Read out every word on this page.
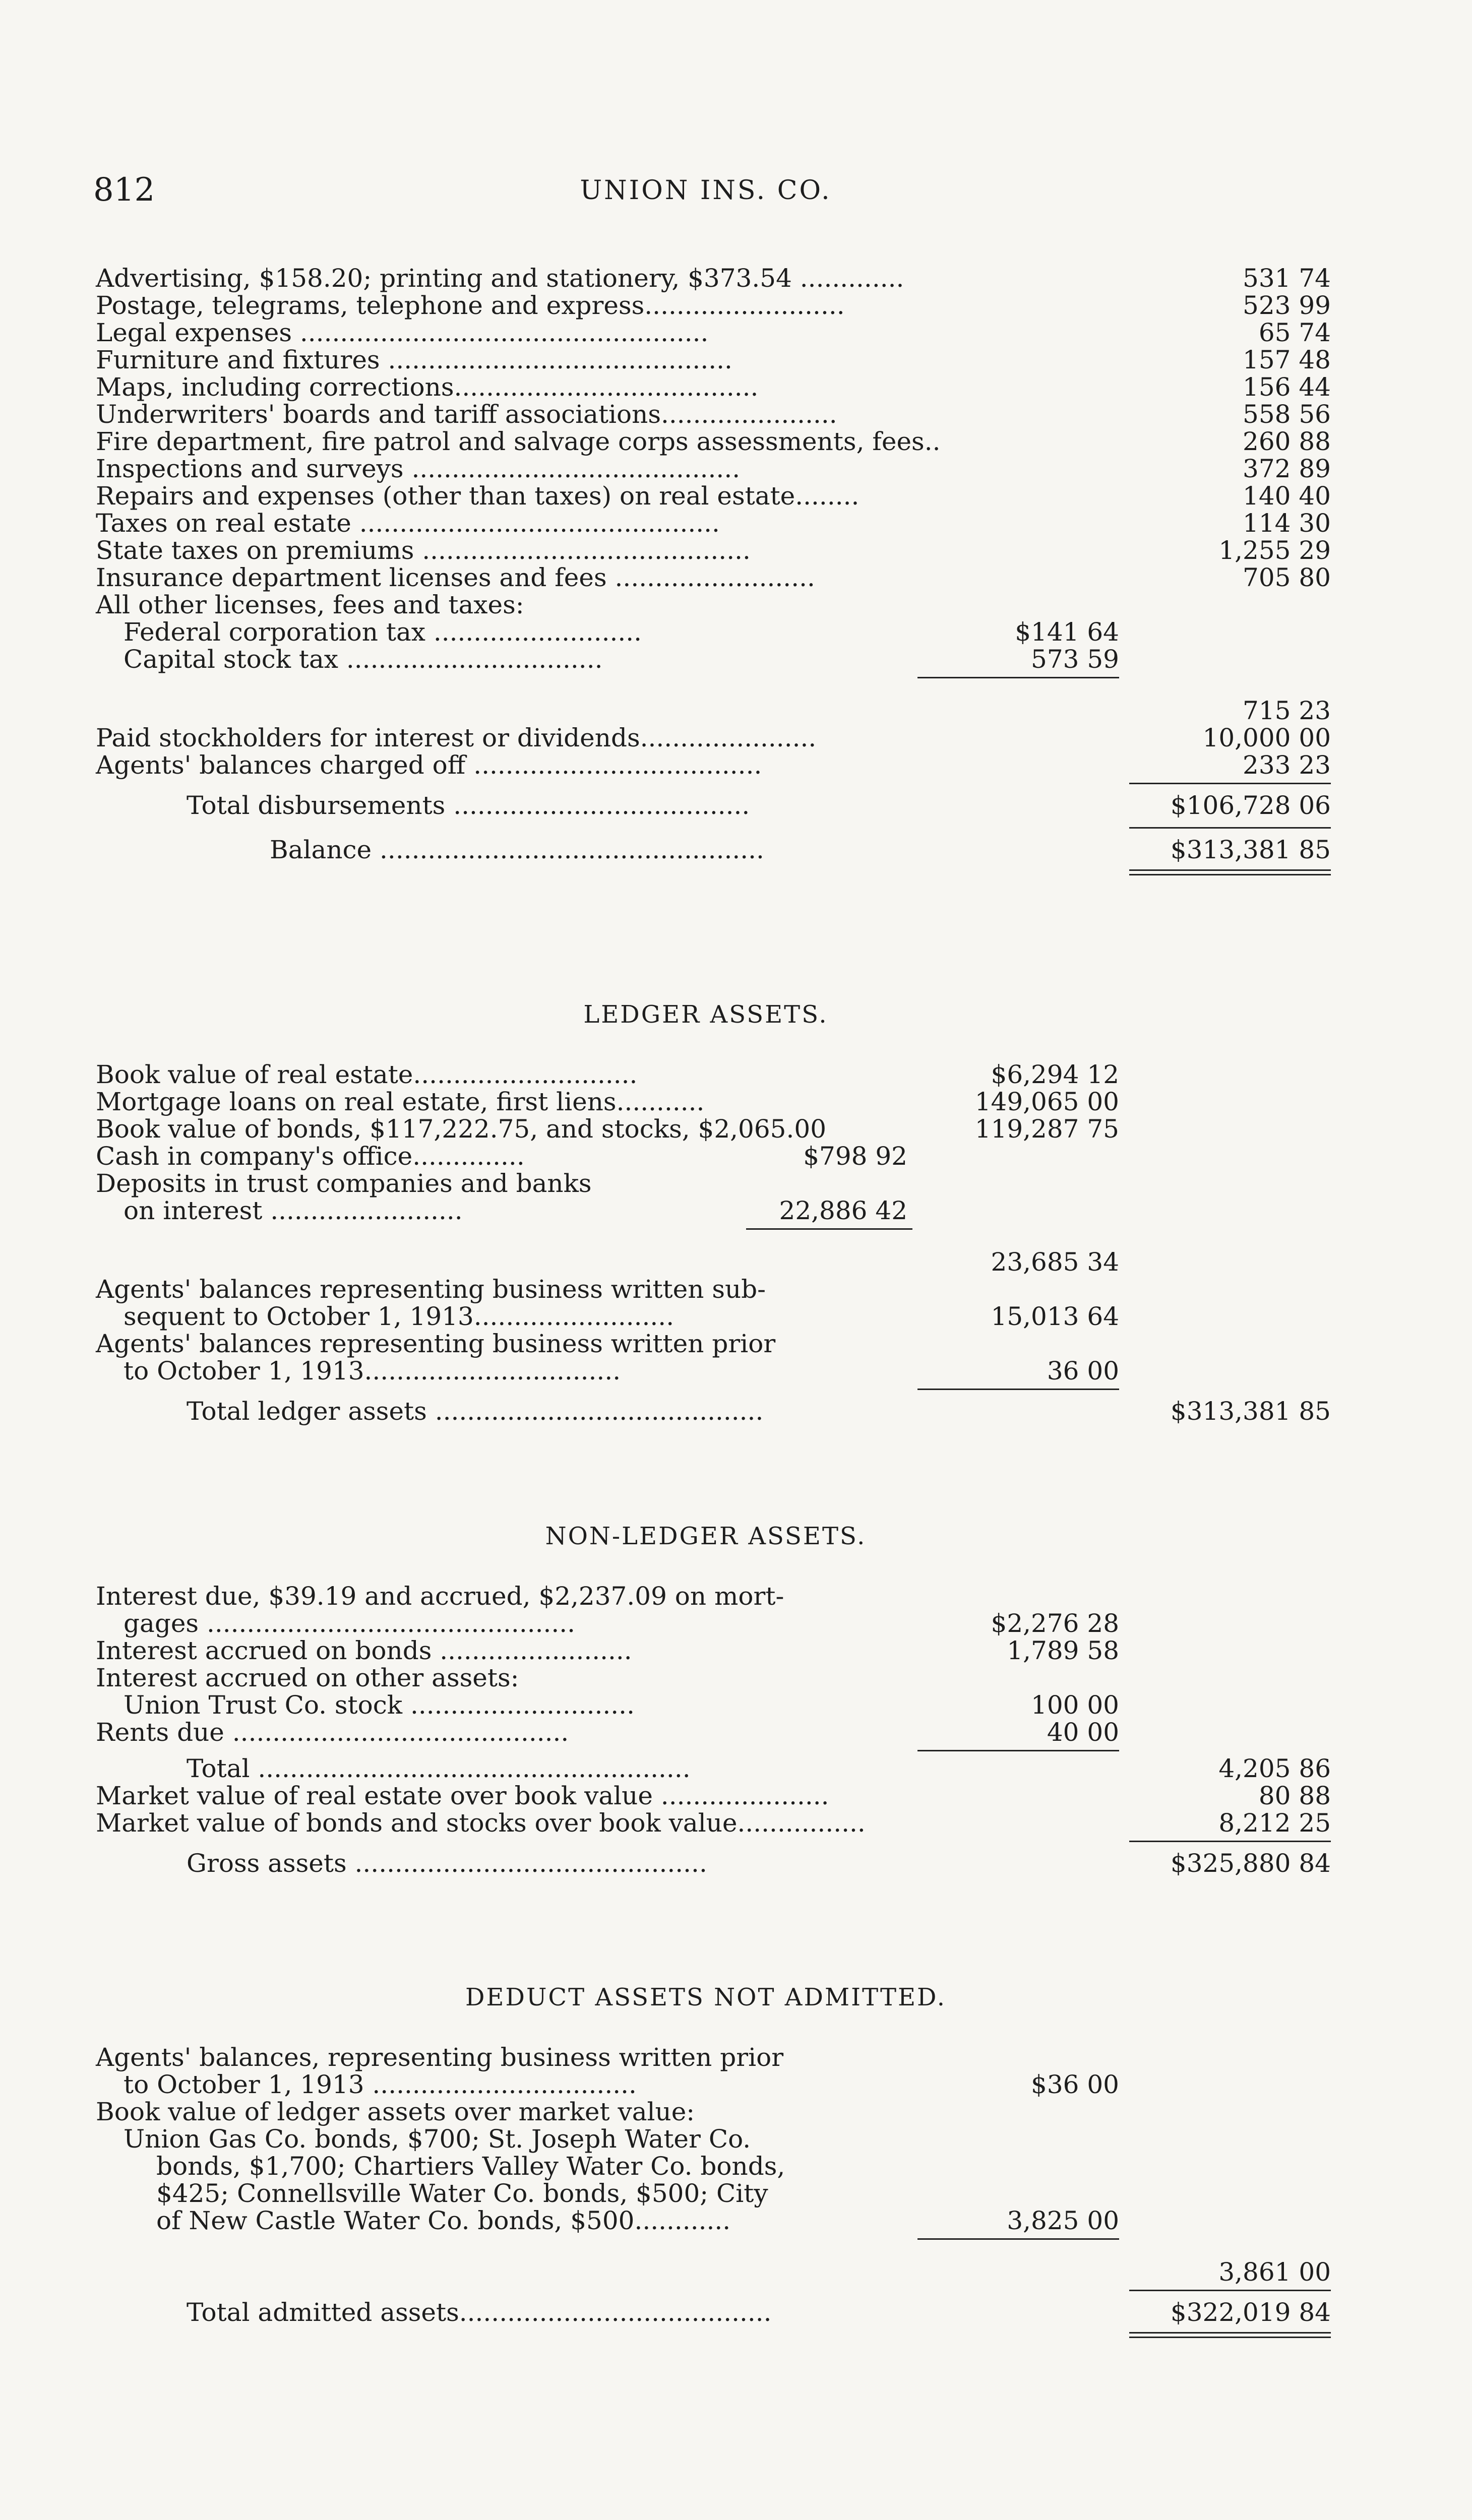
812	UNION INS. CO.
Advertising, $158.20; printing and stationery, $373.54 .............	531 74
Postage, telegrams, telephone and express.........................	523 99
Legal expenses ...................................................	65 74
Furniture and fixtures ...........................................	157 48
Maps, including corrections......................................	156 44
Underwriters' boards and tariff associations......................	558 56
Fire department, fire patrol and salvage corps assessments, fees..	260 88
Inspections and surveys .........................................	372 89
Repairs and expenses (other than taxes) on real estate........	140 40
Taxes on real estate .............................................	114 30
State taxes on premiums .........................................	1,255 29
Insurance department licenses and fees .........................	705 80
All other licenses, fees and taxes:
Federal corporation tax ..........................	$141 64
Capital stock tax ................................	573 59
715 23
Paid stockholders for interest or dividends......................	10,000 00
Agents' balances charged off ....................................	233 23
Total disbursements .....................................	$106,728 06
Balance ................................................	$313,381 85
LEDGER ASSETS.
Book value of real estate............................	$6,294 12
Mortgage loans on real estate, first liens...........	149,065 00
Book value of bonds, $117,222.75, and stocks, $2,065.00	119,287 75
Cash in company's office..............	$798 92
Deposits in trust companies and banks
on interest ........................	22,886 42
23,685 34
Agents' balances representing business written sub-
sequent to October 1, 1913.........................	15,013 64
Agents' balances representing business written prior
to October 1, 1913................................	36 00
Total ledger assets .........................................	$313,381 85
NON-LEDGER ASSETS.
Interest due, $39.19 and accrued, $2,237.09 on mort-
gages ..............................................	$2,276 28
Interest accrued on bonds ........................	1,789 58
Interest accrued on other assets:
Union Trust Co. stock ............................	100 00
Rents due ..........................................	40 00
Total ......................................................	4,205 86
Market value of real estate over book value .....................	80 88
Market value of bonds and stocks over book value................	8,212 25
Gross assets ............................................	$325,880 84
DEDUCT ASSETS NOT ADMITTED.
Agents' balances, representing business written prior
to October 1, 1913 .................................	$36 00
Book value of ledger assets over market value:
Union Gas Co. bonds, $700; St. Joseph Water Co.
bonds, $1,700; Chartiers Valley Water Co. bonds,
$425; Connellsville Water Co. bonds, $500; City
of New Castle Water Co. bonds, $500............	3,825 00
3,861 00
Total admitted assets.......................................	$322,019 84
